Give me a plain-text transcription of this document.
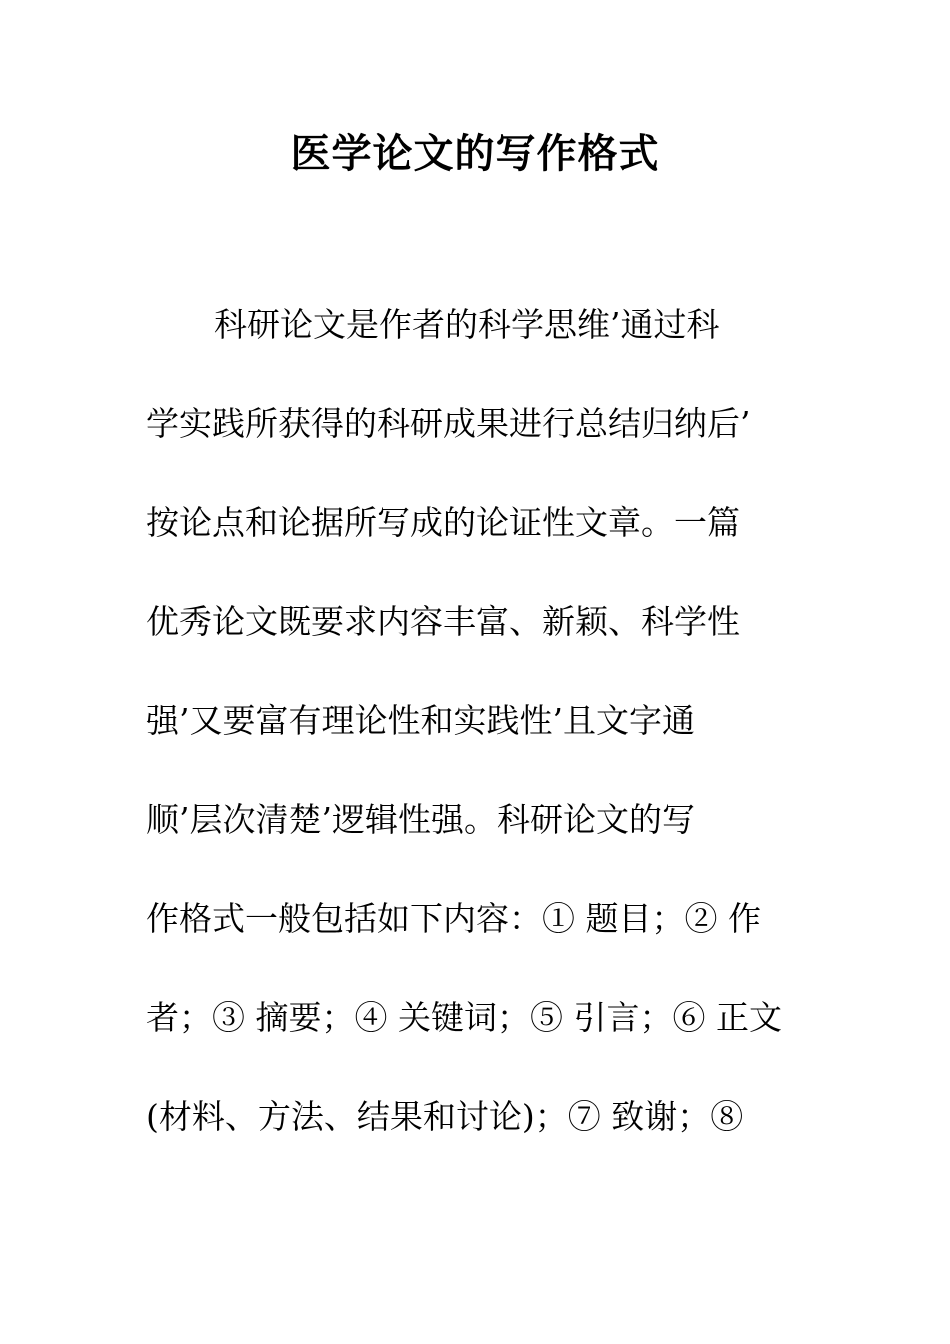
医学论文的写作格式

科研论文是作者的科学思维’通过科

学实践所获得的科研成果进行总结归纳后’

按论点和论据所写成的论证性文章。一篇

优秀论文既要求内容丰富、新颖、科学性

强’又要富有理论性和实践性’且文字通

顺’层次清楚’逻辑性强。科研论文的写

作格式一般包括如下内容：① 题目；② 作

者；③ 摘要；④ 关键词；⑤ 引言；⑥ 正文

(材料、方法、结果和讨论)；⑦ 致谢；⑧
